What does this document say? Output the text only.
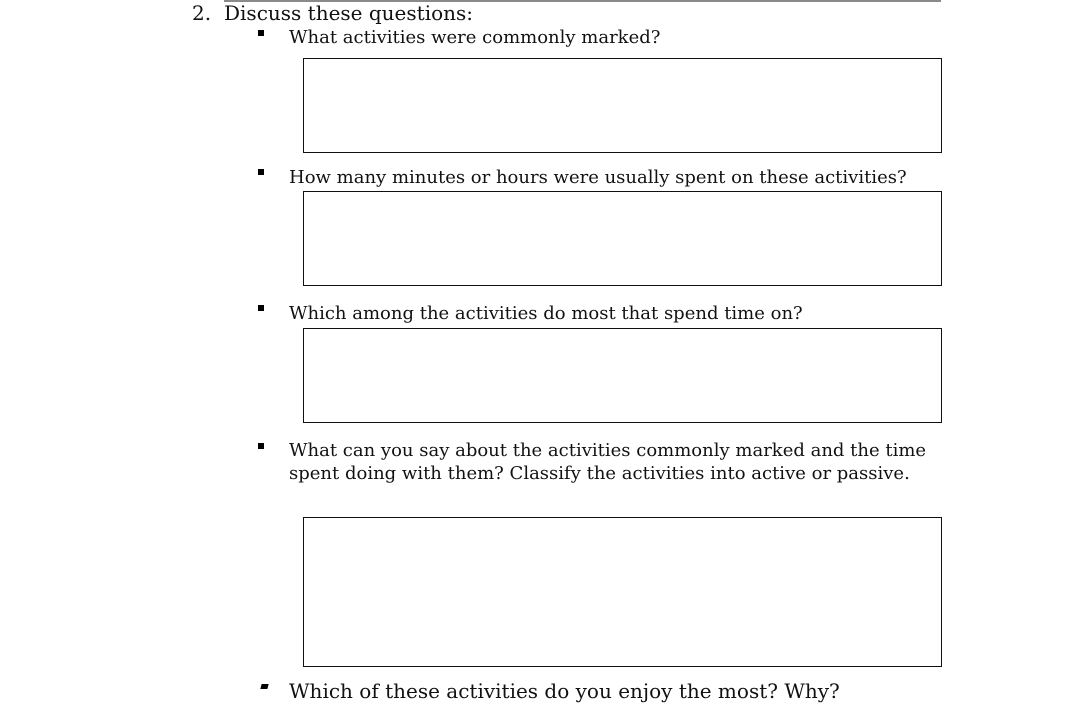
2. Discuss these questions:
What activities were commonly marked?
How many minutes or hours were usually spent on these activities?
Which among the activities do most that spend time on?
What can you say about the activities commonly marked and the time spent doing with them? Classify the activities into active or passive.
Which of these activities do you enjoy the most? Why?
